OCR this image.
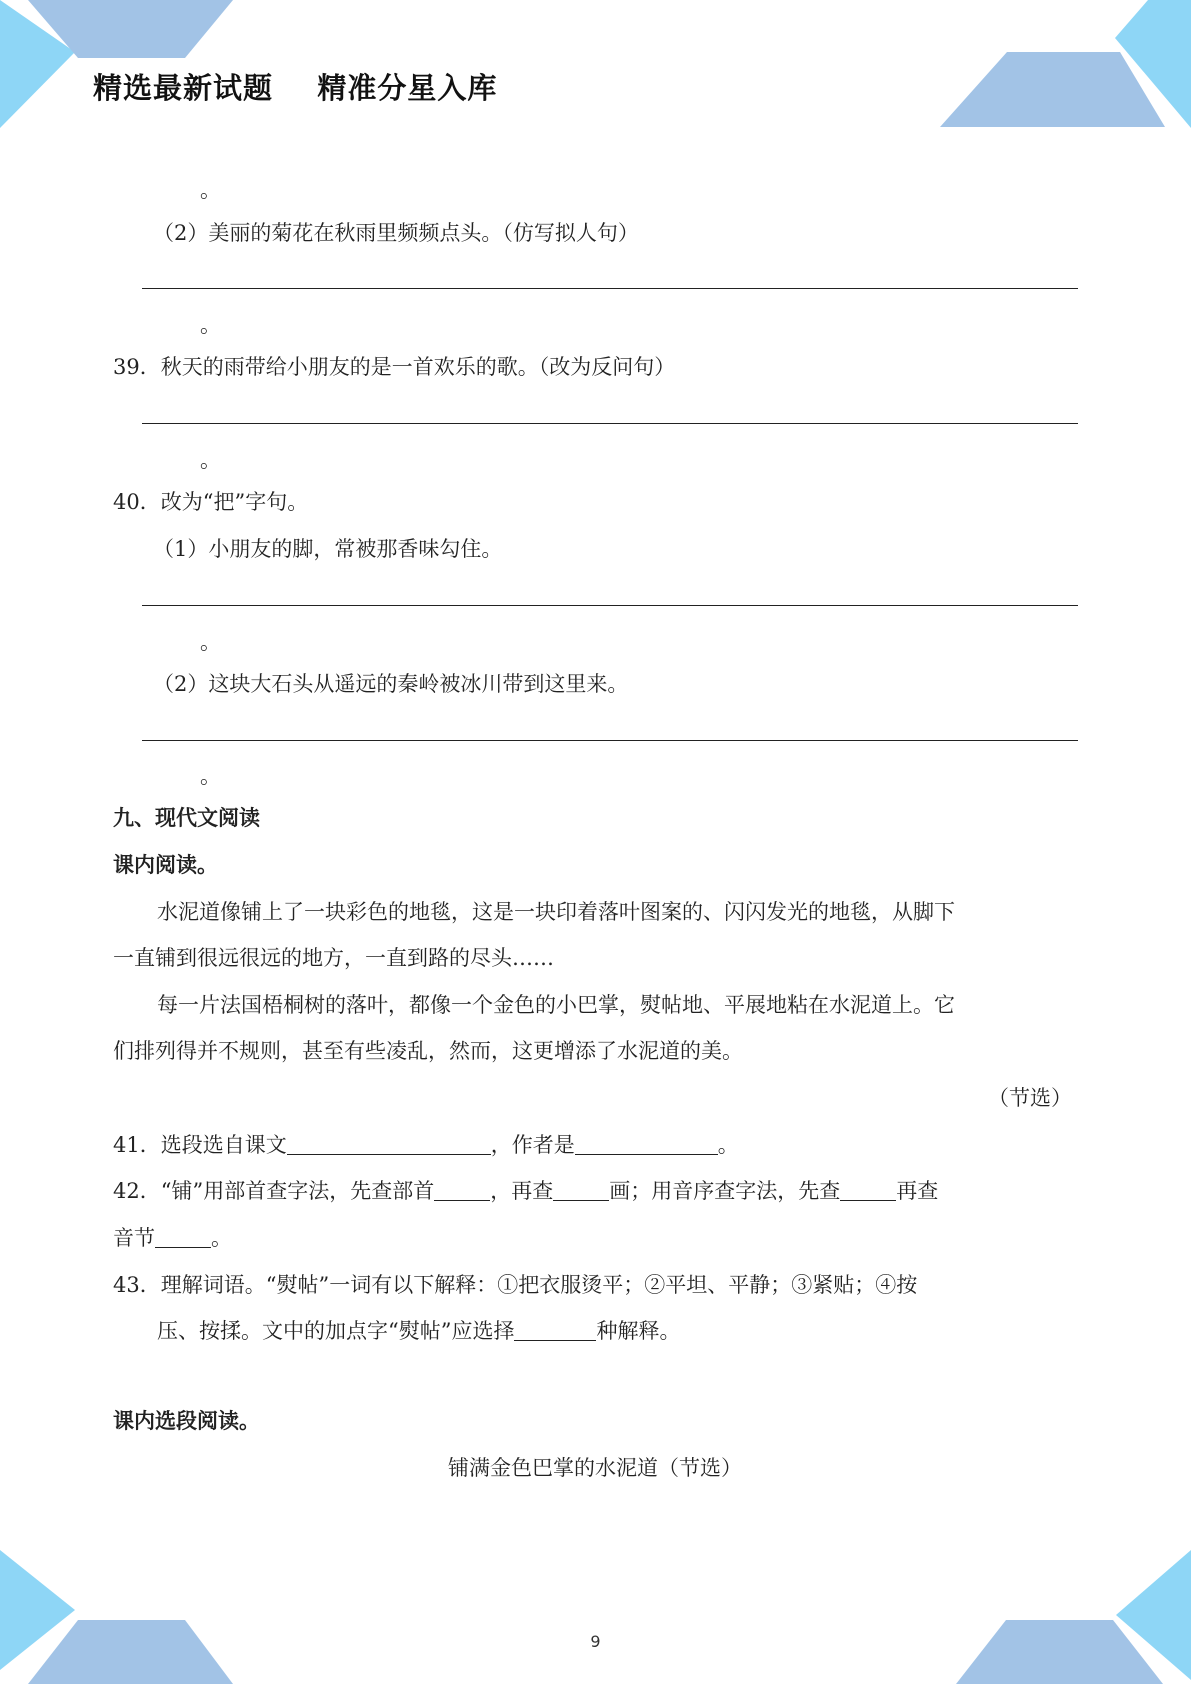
精选最新试题    精准分星入库
。
（2）美丽的菊花在秋雨里频频点头。（仿写拟人句）
。
39．秋天的雨带给小朋友的是一首欢乐的歌。（改为反问句）
。
40．改为“把”字句。
（1）小朋友的脚，常被那香味勾住。
。
（2）这块大石头从遥远的秦岭被冰川带到这里来。
。
九、现代文阅读
课内阅读。
水泥道像铺上了一块彩色的地毯，这是一块印着落叶图案的、闪闪发光的地毯，从脚下
一直铺到很远很远的地方，一直到路的尽头……
每一片法国梧桐树的落叶，都像一个金色的小巴掌，熨帖地、平展地粘在水泥道上。它
们排列得并不规则，甚至有些凌乱，然而，这更增添了水泥道的美。
（节选）
41．选段选自课文	，作者是	。
42．“铺”用部首查字法，先查部首	，再查	画；用音序查字法，先查	再查
音节	。
43．理解词语。“熨帖”一词有以下解释：①把衣服烫平；②平坦、平静；③紧贴；④按
压、按揉。文中的加点字“熨帖”应选择	种解释。
课内选段阅读。
铺满金色巴掌的水泥道（节选）
9
